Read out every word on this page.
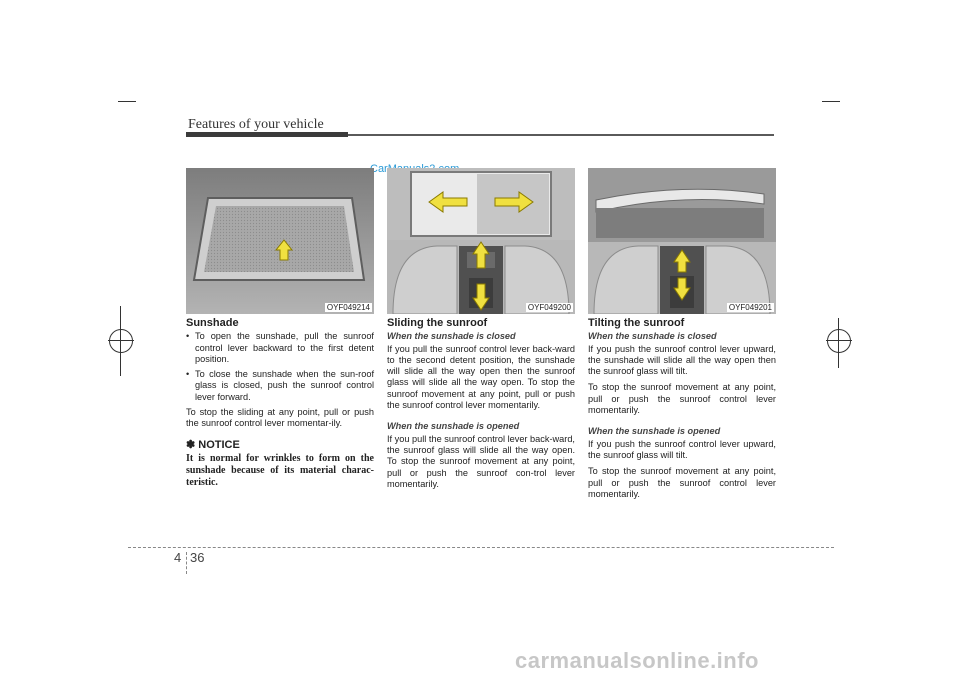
Features of your vehicle
OYF049214	OYF049200	OYF049201
Sunshade
• To open the sunshade, pull the sunroof control lever backward to the first detent position.
• To close the sunshade when the sun-roof glass is closed, push the sunroof control lever forward.

To stop the sliding at any point, pull or push the sunroof control lever momentar-ily.

✽ NOTICE
It is normal for wrinkles to form on the sunshade because of its material charac-teristic.
Sliding the sunroof
When the sunshade is closed

If you pull the sunroof control lever back-ward to the second detent position, the sunshade will slide all the way open then the sunroof glass will slide all the way open. To stop the sunroof movement at any point, pull or push the sunroof control lever momentarily.

When the sunshade is opened

If you pull the sunroof control lever back-ward, the sunroof glass will slide all the way open. To stop the sunroof movement at any point, pull or push the sunroof con-trol lever momentarily.

Tilting the sunroof
When the sunshade is closed

If you push the sunroof control lever upward, the sunshade will slide all the way open then the sunroof glass will tilt.

To stop the sunroof movement at any point, pull or push the sunroof control lever momentarily.

When the sunshade is opened

If you push the sunroof control lever upward, the sunroof glass will tilt.

To stop the sunroof movement at any point, pull or push the sunroof control lever momentarily.

4 36
carmanualsonline.info
